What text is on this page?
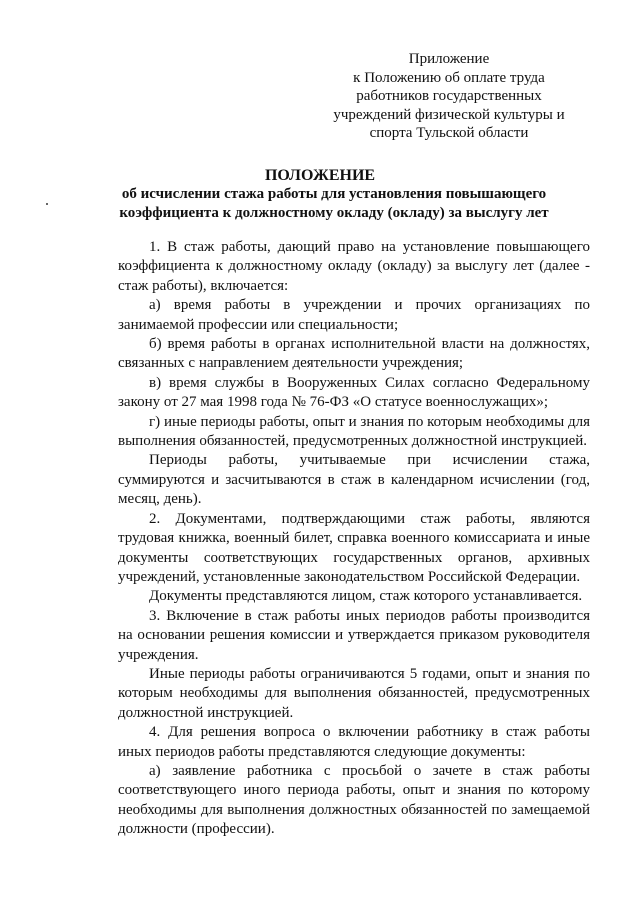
Приложение
к Положению об оплате труда
работников государственных
учреждений физической культуры и
спорта Тульской области
ПОЛОЖЕНИЕ
об исчислении стажа работы для установления повышающего
коэффициента к должностному окладу (окладу) за выслугу лет

1. В стаж работы, дающий право на установление повышающего коэффициента к должностному окладу (окладу) за выслугу лет (далее - стаж работы), включается:

а) время работы в учреждении и прочих организациях по занимаемой профессии или специальности;

б) время работы в органах исполнительной власти на должностях, связанных с направлением деятельности учреждения;

в) время службы в Вооруженных Силах согласно Федеральному закону от 27 мая 1998 года № 76-ФЗ «О статусе военнослужащих»;

г) иные периоды работы, опыт и знания по которым необходимы для выполнения обязанностей, предусмотренных должностной инструкцией.

Периоды работы, учитываемые при исчислении стажа, суммируются и засчитываются в стаж в календарном исчислении (год, месяц, день).

2. Документами, подтверждающими стаж работы, являются трудовая книжка, военный билет, справка военного комиссариата и иные документы соответствующих государственных органов, архивных учреждений, установленные законодательством Российской Федерации.

Документы представляются лицом, стаж которого устанавливается.

3. Включение в стаж работы иных периодов работы производится на основании решения комиссии и утверждается приказом руководителя учреждения.

Иные периоды работы ограничиваются 5 годами, опыт и знания по которым необходимы для выполнения обязанностей, предусмотренных должностной инструкцией.

4. Для решения вопроса о включении работнику в стаж работы иных периодов работы представляются следующие документы:

а) заявление работника с просьбой о зачете в стаж работы соответствующего иного периода работы, опыт и знания по которому необходимы для выполнения должностных обязанностей по замещаемой должности (профессии).
